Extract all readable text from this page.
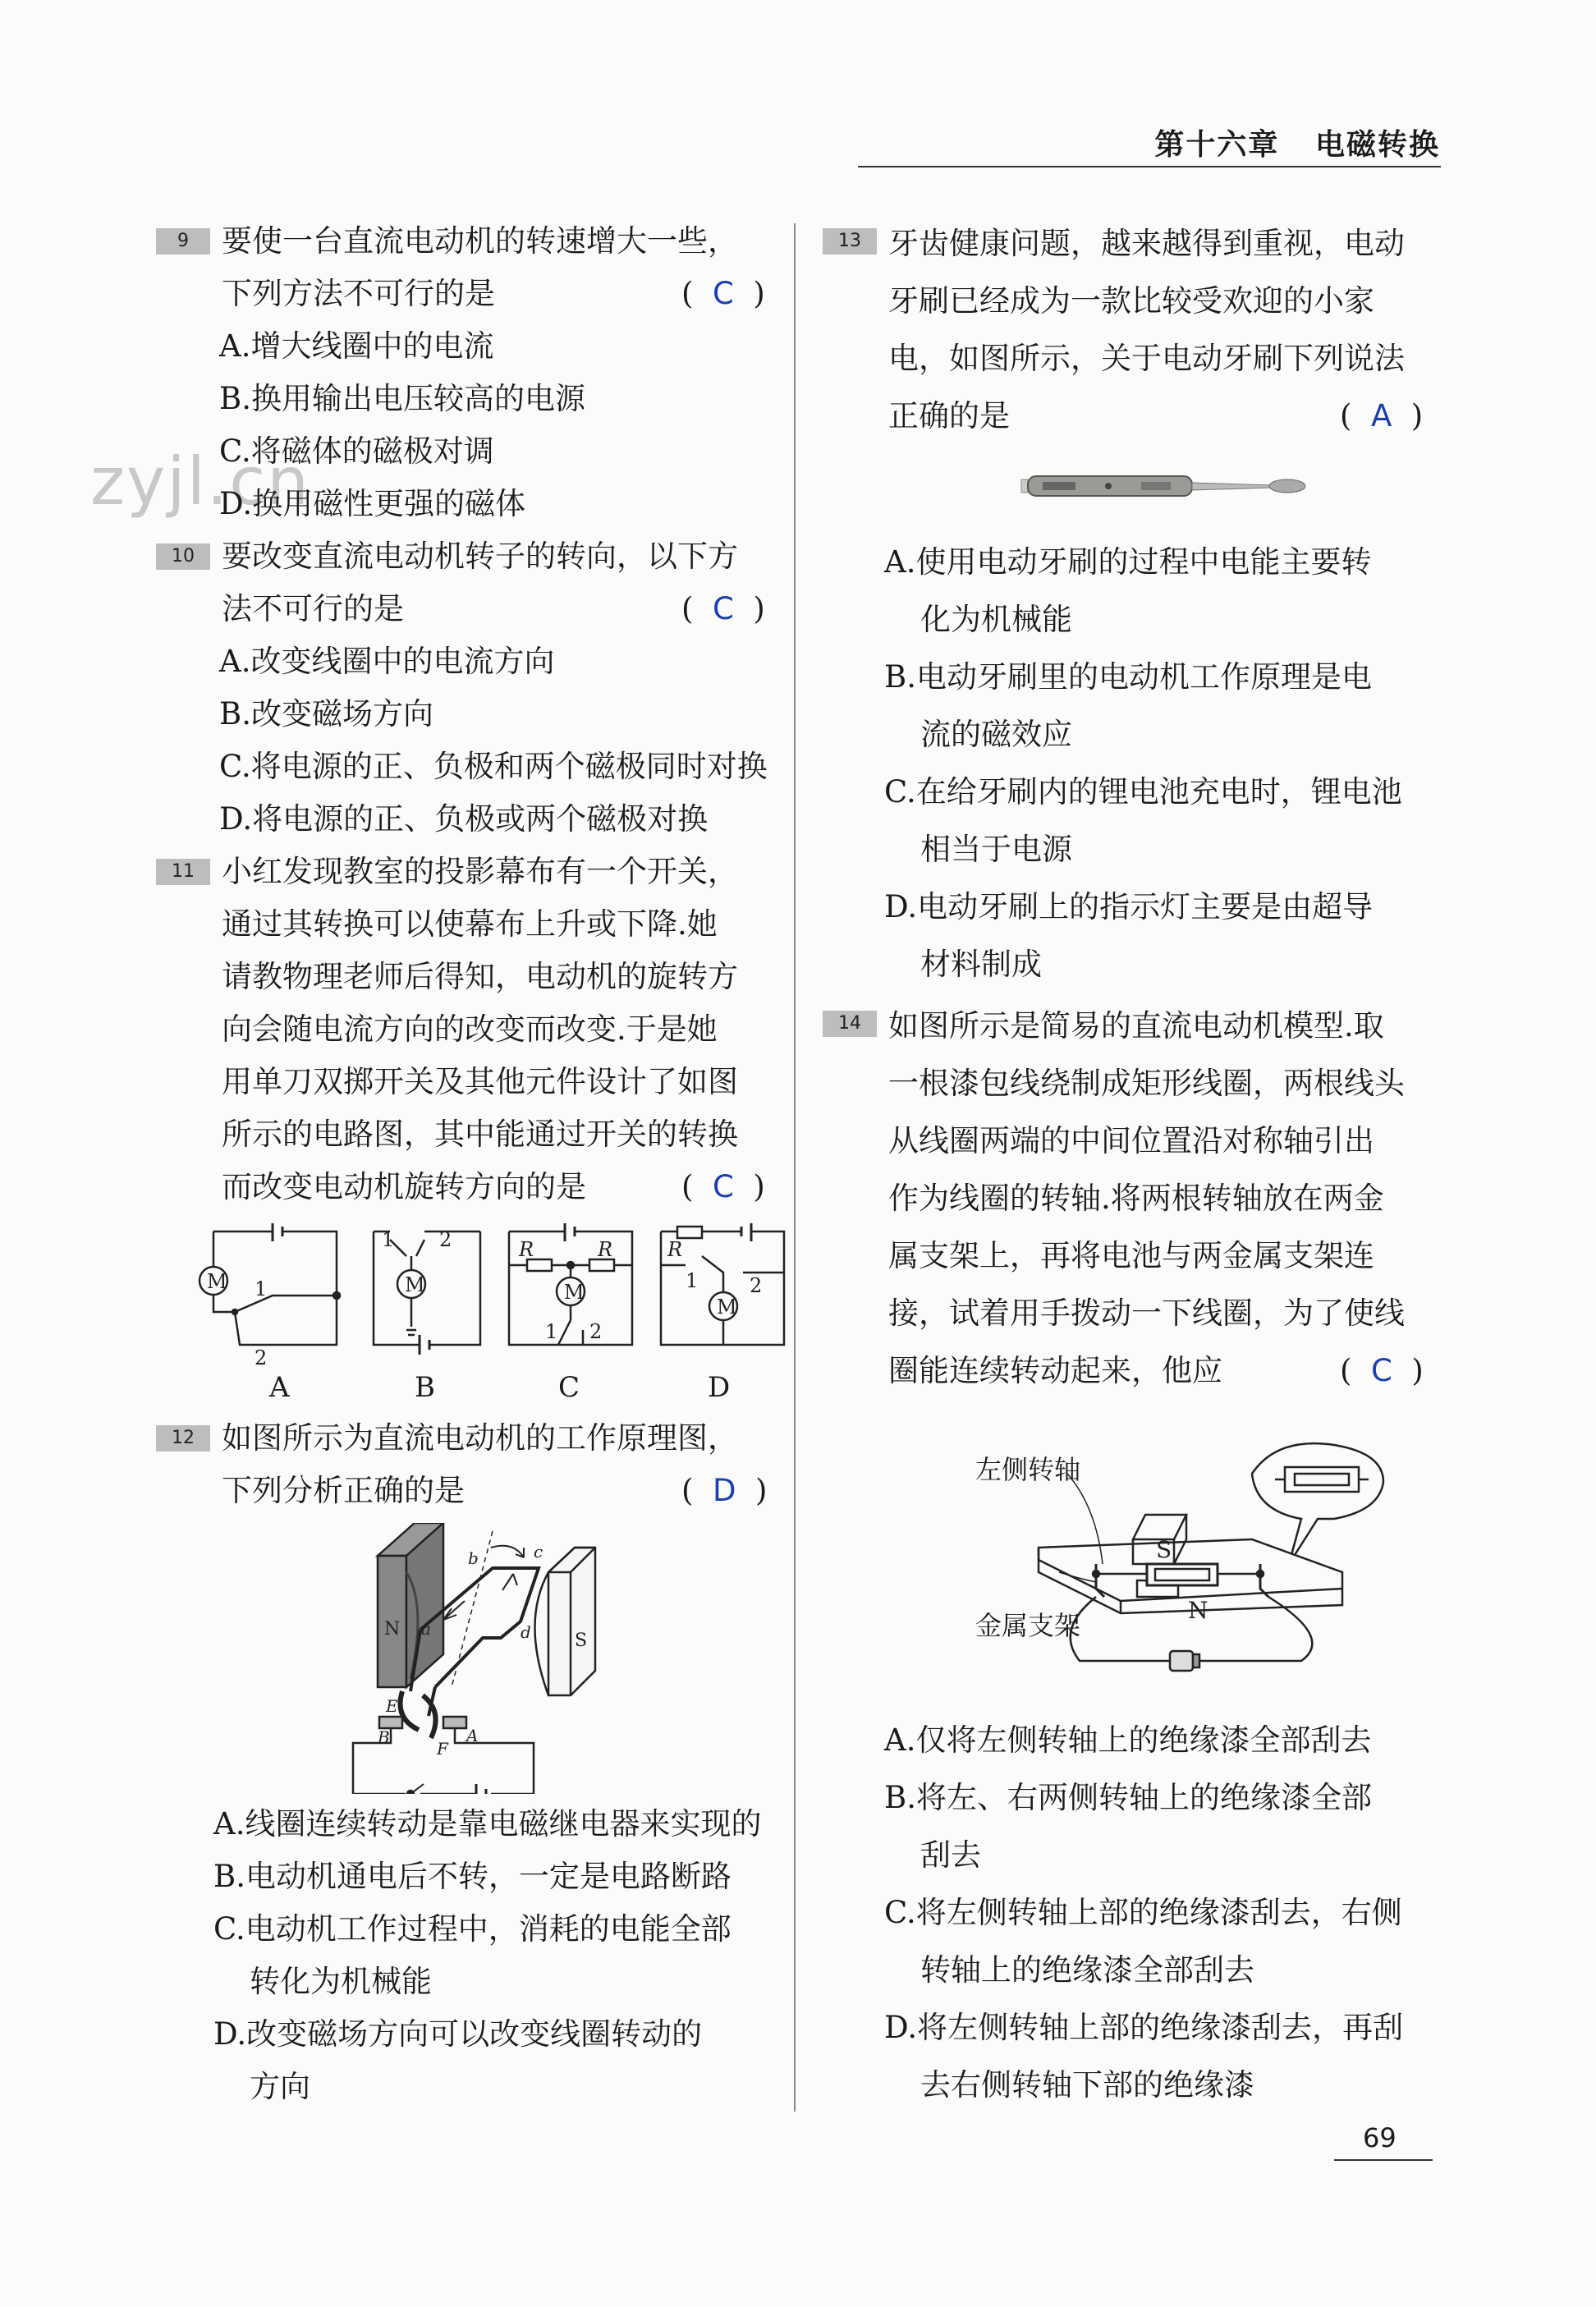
第十六章 电磁转换
zyjl.cn
9	要使一台直流电动机的转速增大一些，
下列方法不可行的是	(  C  )
A.增大线圈中的电流
B.换用输出电压较高的电源
C.将磁体的磁极对调
D.换用磁性更强的磁体
10 要改变直流电动机转子的转向，以下方
法不可行的是	(  C  )
A.改变线圈中的电流方向
B.改变磁场方向
C.将电源的正、负极和两个磁极同时对换
D.将电源的正、负极或两个磁极对换
11 小红发现教室的投影幕布有一个开关，
通过其转换可以使幕布上升或下降.她
请教物理老师后得知，电动机的旋转方
向会随电流方向的改变而改变.于是她
用单刀双掷开关及其他元件设计了如图
所示的电路图，其中能通过开关的转换
而改变电动机旋转方向的是	(  C  )
M 1
2
M
1 2	R	R
M
1 2
R
M
1	2
A	B	C	D
12 如图所示为直流电动机的工作原理图，
下列分析正确的是	(  D  )
N
S
a
b	c
d
E
F
B	A
A.线圈连续转动是靠电磁继电器来实现的
B.电动机通电后不转，一定是电路断路
C.电动机工作过程中，消耗的电能全部
转化为机械能
D.改变磁场方向可以改变线圈转动的
方向
13 牙齿健康问题，越来越得到重视，电动
牙刷已经成为一款比较受欢迎的小家
电，如图所示，关于电动牙刷下列说法
正确的是	(  A  )
A.使用电动牙刷的过程中电能主要转
化为机械能
B.电动牙刷里的电动机工作原理是电
流的磁效应
C.在给牙刷内的锂电池充电时，锂电池
相当于电源
D.电动牙刷上的指示灯主要是由超导
材料制成
14 如图所示是简易的直流电动机模型.取
一根漆包线绕制成矩形线圈，两根线头
从线圈两端的中间位置沿对称轴引出
作为线圈的转轴.将两根转轴放在两金
属支架上，再将电池与两金属支架连
接，试着用手拨动一下线圈，为了使线
圈能连续转动起来，他应	(  C  )
S
N
左侧转轴
金属支架
A.仅将左侧转轴上的绝缘漆全部刮去
B.将左、右两侧转轴上的绝缘漆全部
刮去
C.将左侧转轴上部的绝缘漆刮去，右侧
转轴上的绝缘漆全部刮去
D.将左侧转轴上部的绝缘漆刮去，再刮
去右侧转轴下部的绝缘漆
69
